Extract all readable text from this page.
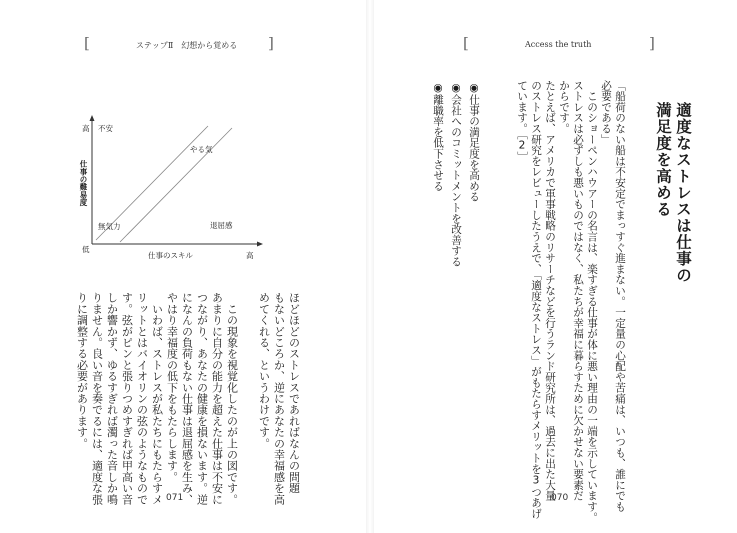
[	ステップⅡ　幻想から覚める ]
高 不安
やる気
無気力	退屈感
低
仕事のスキル	高
仕事の難易度
ほどほどのストレスであればなんの問題
もないどころか、逆にあなたの幸福感を高
めてくれる、というわけです。
　この現象を視覚化したのが上の図です。
あまりに自分の能力を超えた仕事は不安に
つながり、あなたの健康を損ないます。逆
になんの負荷もない仕事は退屈感を生み、
やはり幸福度の低下をもたらします。
　いわば、ストレスが私たちにもたらすメ
リットとはバイオリンの弦のようなもので
す。弦がピンと張りつめすぎれば甲高い音
しか響かず、ゆるすぎれば濁った音しか鳴
りません。良い音を奏でるには、適度な張
りに調整する必要があります。
071
[	Access the truth	]
適度なストレスは仕事の
満足度を高める
「船荷のない船は不安定でまっすぐ進まない。一定量の心配や苦痛は、いつも、誰にでも
必要である」
　このショーペンハウアーの名言は、楽すぎる仕事が体に悪い理由の一端を示しています。
ストレスは必ずしも悪いものではなく、私たちが幸福に暮らすために欠かせない要素だ
からです。
たとえば、アメリカで軍事戦略のリサーチなどを行うランド研究所は、過去に出た大量
のストレス研究をレビューしたうえで、「適度なストレス」がもたらすメリットを3つあげ
ています。［2］
◉仕事の満足度を高める
◉会社へのコミットメントを改善する
◉離職率を低下させる
070
